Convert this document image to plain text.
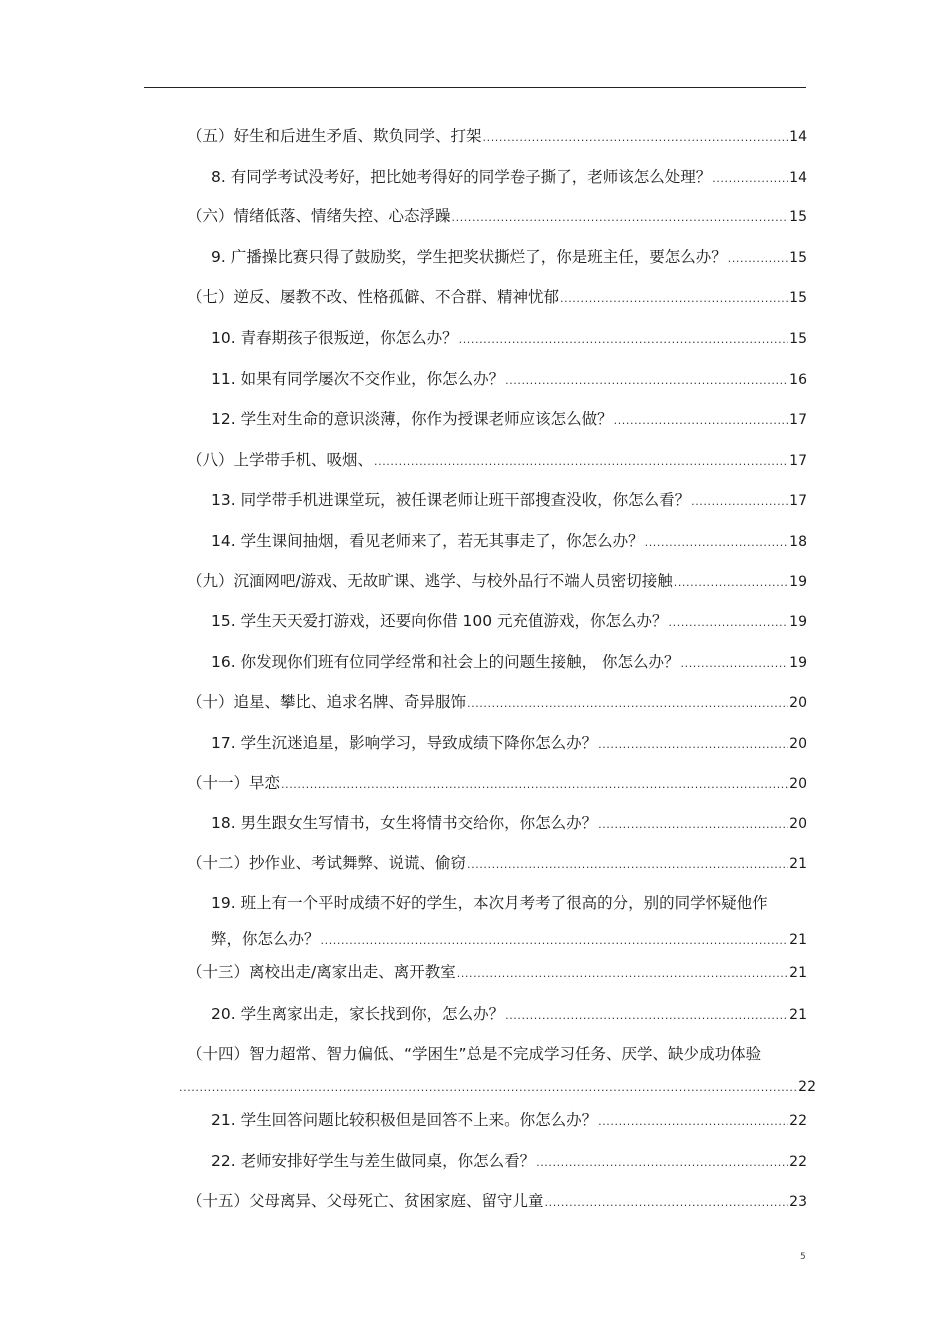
（五）好生和后进生矛盾、欺负同学、打架 .....	14
8. 有同学考试没考好，把比她考得好的同学卷子撕了，老师该怎么处理？ .....	14
（六）情绪低落、情绪失控、心态浮躁 .....	15
9. 广播操比赛只得了鼓励奖，学生把奖状撕烂了，你是班主任，要怎么办？ .....	15
（七）逆反、屡教不改、性格孤僻、不合群、精神忧郁 .....	15
10. 青春期孩子很叛逆，你怎么办？ .....	15
11. 如果有同学屡次不交作业，你怎么办？ .....	16
12. 学生对生命的意识淡薄，你作为授课老师应该怎么做？ .....	17
（八）上学带手机、吸烟、 .....	17
13. 同学带手机进课堂玩，被任课老师让班干部搜查没收，你怎么看？ .....	17
14. 学生课间抽烟，看见老师来了，若无其事走了，你怎么办？ .....	18
（九）沉湎网吧/游戏、无故旷课、逃学、与校外品行不端人员密切接触 .....	19
15. 学生天天爱打游戏，还要向你借 100 元充值游戏，你怎么办？ .....	19
16. 你发现你们班有位同学经常和社会上的问题生接触， 你怎么办？ .....	19
（十）追星、攀比、追求名牌、奇异服饰 .....	20
17. 学生沉迷追星，影响学习，导致成绩下降你怎么办？ .....	20
（十一）早恋 .....	20
18. 男生跟女生写情书，女生将情书交给你，你怎么办？ .....	20
（十二）抄作业、考试舞弊、说谎、偷窃 .....	21
19. 班上有一个平时成绩不好的学生，本次月考考了很高的分，别的同学怀疑他作
弊，你怎么办？ .....	21
（十三）离校出走/离家出走、离开教室 .....	21
20. 学生离家出走，家长找到你，怎么办？ .....	21
（十四）智力超常、智力偏低、“学困生”总是不完成学习任务、厌学、缺少成功体验
.....
22
21. 学生回答问题比较积极但是回答不上来。你怎么办？ .....	22
22. 老师安排好学生与差生做同桌，你怎么看？ .....	22
（十五）父母离异、父母死亡、贫困家庭、留守儿童 .....	23
5
